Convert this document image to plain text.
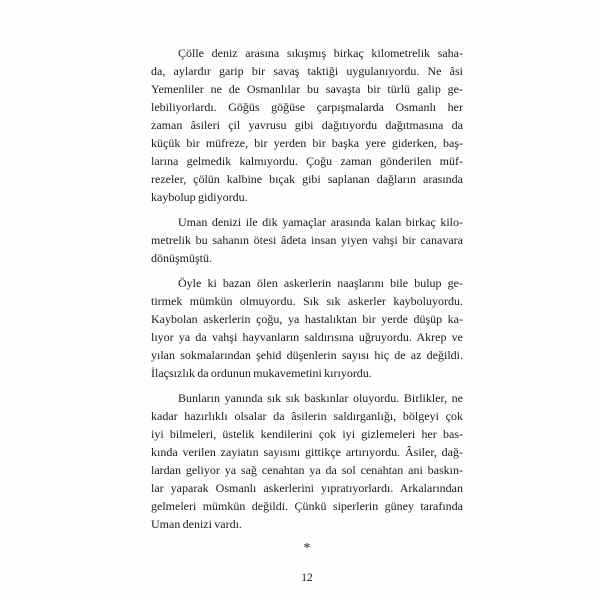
Çölle deniz arasına sıkışmış birkaç kilometrelik saha-
da, aylardır garip bir savaş taktiği uygulanıyordu. Ne âsi
Yemenliler ne de Osmanlılar bu savaşta bir türlü galip ge-
lebiliyorlardı. Göğüs göğüse çarpışmalarda Osmanlı her
zaman âsileri çil yavrusu gibi dağıtıyordu dağıtmasına da
küçük bir müfreze, bir yerden bir başka yere giderken, baş-
larına gelmedik kalmıyordu. Çoğu zaman gönderilen müf-
rezeler, çölün kalbine bıçak gibi saplanan dağların arasında
kaybolup gidiyordu.
Uman denizi ile dik yamaçlar arasında kalan birkaç kilo-
metrelik bu sahanın ötesi âdeta insan yiyen vahşi bir canavara
dönüşmüştü.
Öyle ki bazan ölen askerlerin naaşlarını bile bulup ge-
tirmek mümkün olmuyordu. Sık sık askerler kayboluyordu.
Kaybolan askerlerin çoğu, ya hastalıktan bir yerde düşüp ka-
lıyor ya da vahşi hayvanların saldırısına uğruyordu. Akrep ve
yılan sokmalarından şehid düşenlerin sayısı hiç de az değildi.
İlaçsızlık da ordunun mukavemetini kırıyordu.
Bunların yanında sık sık baskınlar oluyordu. Birlikler, ne
kadar hazırlıklı olsalar da âsilerin saldırganlığı, bölgeyi çok
iyi bilmeleri, üstelik kendilerini çok iyi gizlemeleri her bas-
kında verilen zayiatın sayısını gittikçe artırıyordu. Âsiler, dağ-
lardan geliyor ya sağ cenahtan ya da sol cenahtan ani baskın-
lar yaparak Osmanlı askerlerini yıpratıyorlardı. Arkalarından
gelmeleri mümkün değildi. Çünkü siperlerin güney tarafında
Uman denizi vardı.
*
12
